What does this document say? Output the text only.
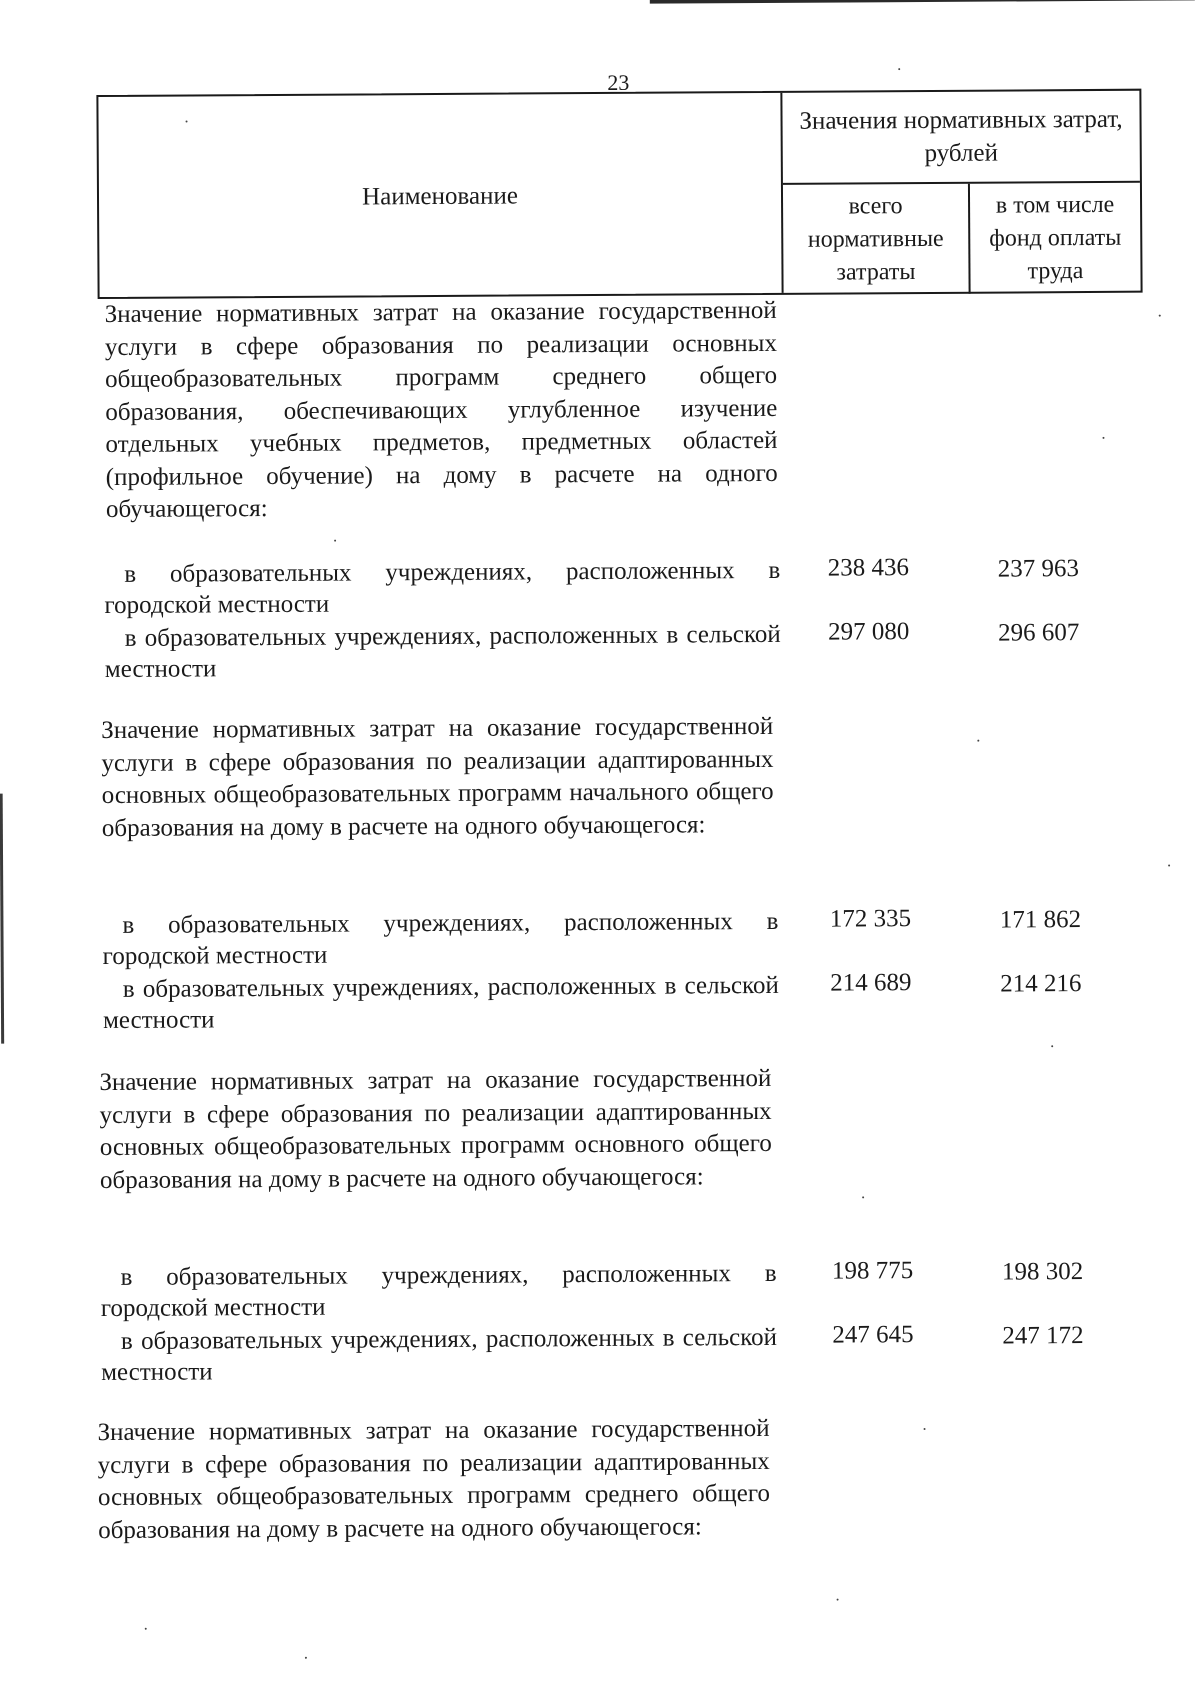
23
Наименование
Значения нормативных затрат, рублей
всего нормативные затраты
в том числе фонд оплаты труда
Значение нормативных затрат на оказание государственной услуги в сфере образования по реализации основных общеобразовательных программ среднего общего образования, обеспечивающих углубленное изучение отдельных учебных предметов, предметных областей (профильное обучение) на дому в расчете на одного обучающегося:
в образовательных учреждениях, расположенных в городской местности
238 436	237 963
в образовательных учреждениях, расположенных в сельской местности
297 080	296 607
Значение нормативных затрат на оказание государственной услуги в сфере образования по реализации адаптированных основных общеобразовательных программ начального общего образования на дому в расчете на одного обучающегося:
в образовательных учреждениях, расположенных в городской местности
172 335	171 862
в образовательных учреждениях, расположенных в сельской местности
214 689	214 216
Значение нормативных затрат на оказание государственной услуги в сфере образования по реализации адаптированных основных общеобразовательных программ основного общего образования на дому в расчете на одного обучающегося:
в образовательных учреждениях, расположенных в городской местности
198 775	198 302
в образовательных учреждениях, расположенных в сельской местности
247 645	247 172
Значение нормативных затрат на оказание государственной услуги в сфере образования по реализации адаптированных основных общеобразовательных программ среднего общего образования на дому в расчете на одного обучающегося:
